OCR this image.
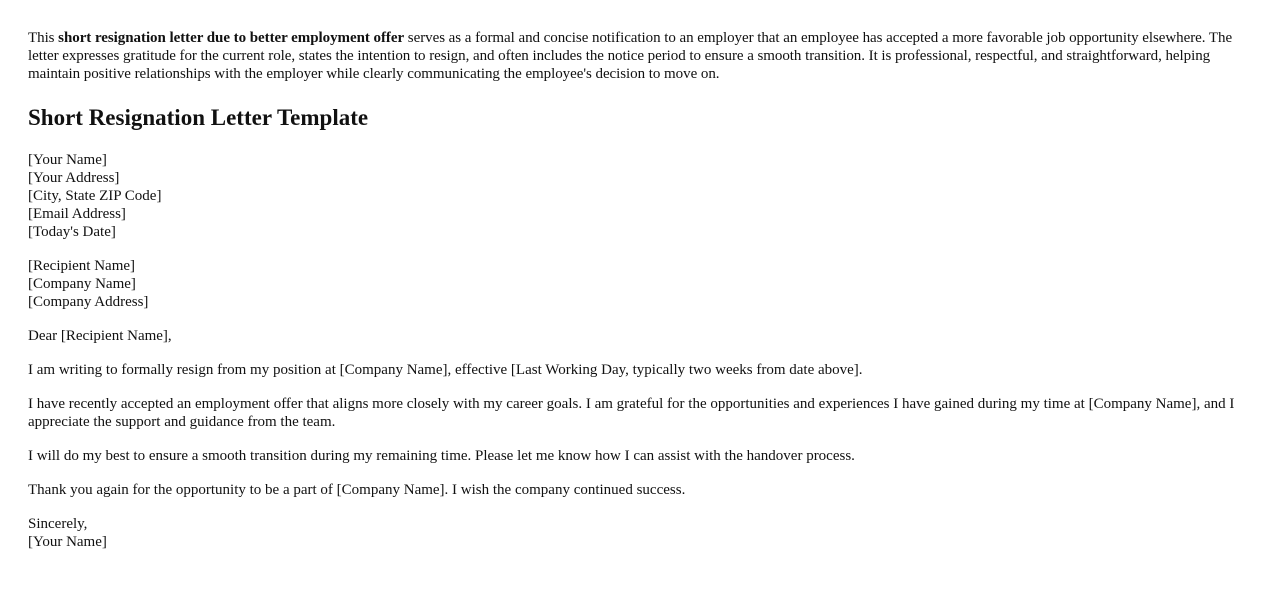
This short resignation letter due to better employment offer serves as a formal and concise notification to an employer that an employee has accepted a more favorable job opportunity elsewhere. The letter expresses gratitude for the current role, states the intention to resign, and often includes the notice period to ensure a smooth transition. It is professional, respectful, and straightforward, helping maintain positive relationships with the employer while clearly communicating the employee's decision to move on.

Short Resignation Letter Template
[Your Name]
[Your Address]
[City, State ZIP Code]
[Email Address]
[Today's Date]
[Recipient Name]
[Company Name]
[Company Address]

Dear [Recipient Name],

I am writing to formally resign from my position at [Company Name], effective [Last Working Day, typically two weeks from date above].

I have recently accepted an employment offer that aligns more closely with my career goals. I am grateful for the opportunities and experiences I have gained during my time at [Company Name], and I appreciate the support and guidance from the team.

I will do my best to ensure a smooth transition during my remaining time. Please let me know how I can assist with the handover process.

Thank you again for the opportunity to be a part of [Company Name]. I wish the company continued success.

Sincerely,
[Your Name]
